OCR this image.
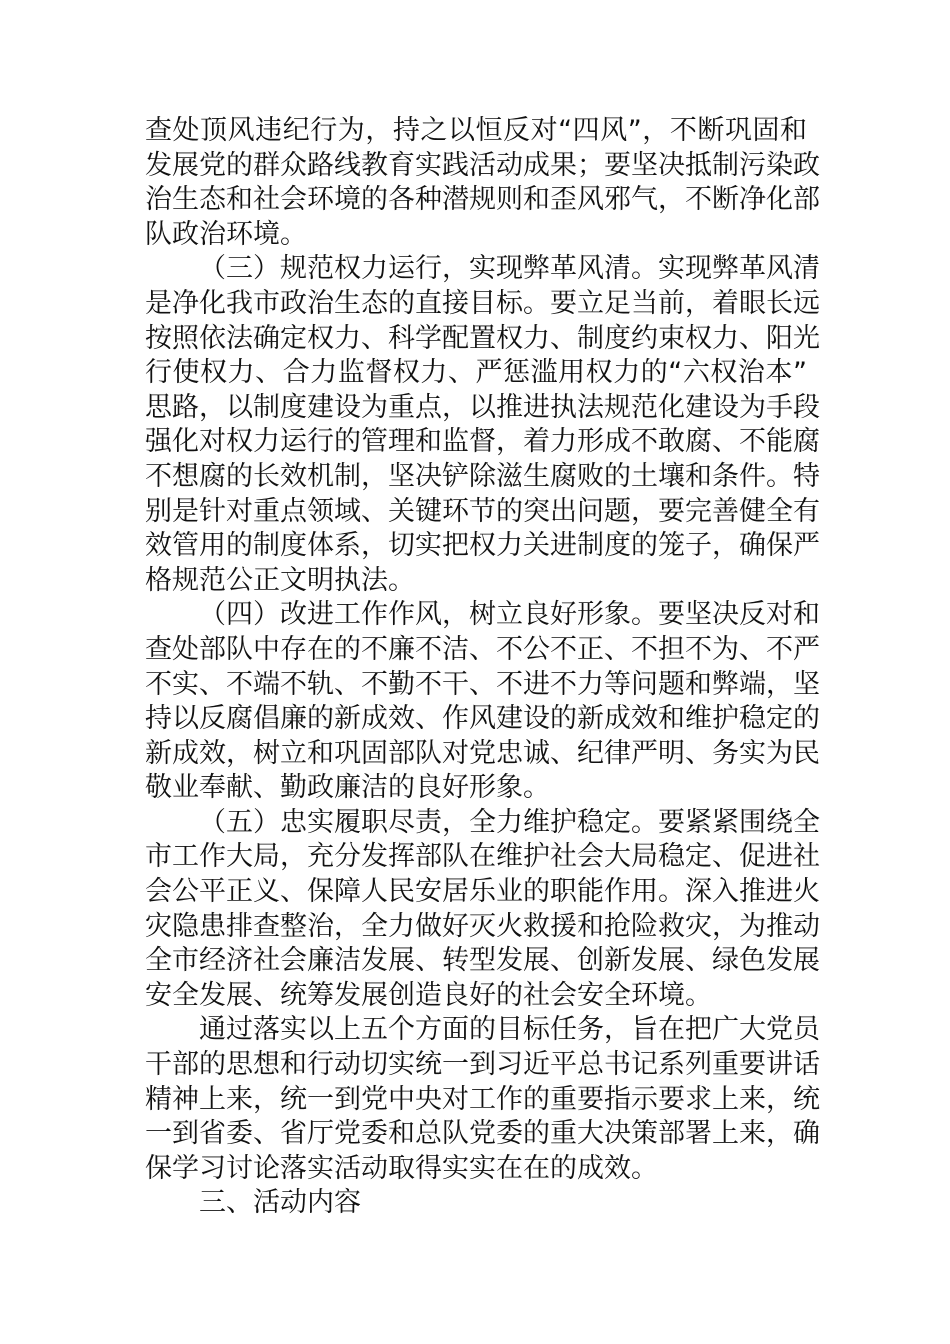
查处顶风违纪行为，持之以恒反对“四风”，不断巩固和
发展党的群众路线教育实践活动成果；要坚决抵制污染政
治生态和社会环境的各种潜规则和歪风邪气，不断净化部
队政治环境。
（三）规范权力运行，实现弊革风清。实现弊革风清
是净化我市政治生态的直接目标。要立足当前，着眼长远
按照依法确定权力、科学配置权力、制度约束权力、阳光
行使权力、合力监督权力、严惩滥用权力的“六权治本”
思路，以制度建设为重点，以推进执法规范化建设为手段
强化对权力运行的管理和监督，着力形成不敢腐、不能腐
不想腐的长效机制，坚决铲除滋生腐败的土壤和条件。特
别是针对重点领域、关键环节的突出问题，要完善健全有
效管用的制度体系，切实把权力关进制度的笼子，确保严
格规范公正文明执法。
（四）改进工作作风，树立良好形象。要坚决反对和
查处部队中存在的不廉不洁、不公不正、不担不为、不严
不实、不端不轨、不勤不干、不进不力等问题和弊端，坚
持以反腐倡廉的新成效、作风建设的新成效和维护稳定的
新成效，树立和巩固部队对党忠诚、纪律严明、务实为民
敬业奉献、勤政廉洁的良好形象。
（五）忠实履职尽责，全力维护稳定。要紧紧围绕全
市工作大局，充分发挥部队在维护社会大局稳定、促进社
会公平正义、保障人民安居乐业的职能作用。深入推进火
灾隐患排查整治，全力做好灭火救援和抢险救灾，为推动
全市经济社会廉洁发展、转型发展、创新发展、绿色发展
安全发展、统筹发展创造良好的社会安全环境。
通过落实以上五个方面的目标任务，旨在把广大党员
干部的思想和行动切实统一到习近平总书记系列重要讲话
精神上来，统一到党中央对工作的重要指示要求上来，统
一到省委、省厅党委和总队党委的重大决策部署上来，确
保学习讨论落实活动取得实实在在的成效。
三、活动内容
